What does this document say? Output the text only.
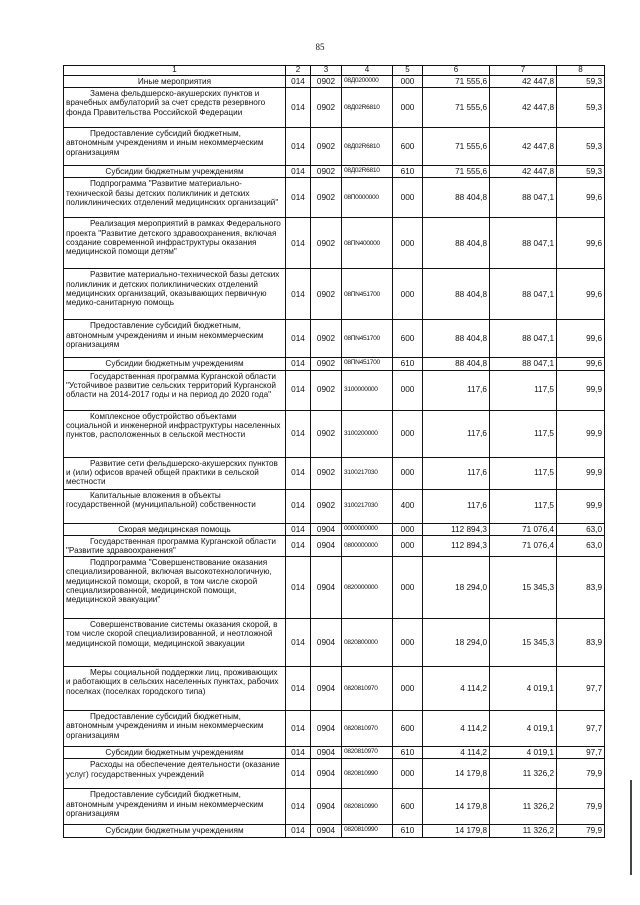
85
1	2	3	4	5	6	7	8

Иные мероприятия	014	0902	08Д0200000	000	71 555,6	42 447,8	59,3

Замена фельдшерско-акушерских пунктов и врачебных амбулаторий за счет средств резервного фонда Правительства Российской Федерации	014	0902	08Д02R6810	000	71 555,6	42 447,8	59,3

Предоставление субсидий бюджетным, автономным учреждениям и иным некоммерческим организациям	014	0902	08Д02R6810	600	71 555,6	42 447,8	59,3

Субсидии бюджетным учреждениям	014	0902	08Д02R6810	610	71 555,6	42 447,8	59,3

Подпрограмма "Развитие материально-технической базы детских поликлиник и детских поликлинических отделений медицинских организаций"	014	0902	08П0000000	000	88 404,8	88 047,1	99,6

Реализация мероприятий в рамках Федерального проекта "Развитие детского здравоохранения, включая создание современной инфраструктуры оказания медицинской помощи детям"	014	0902	08ПN400000	000	88 404,8	88 047,1	99,6

Развитие материально-технической базы детских поликлиник и детских поликлинических отделений медицинских организаций, оказывающих первичную медико-санитарную помощь	014	0902	08ПN451700	000	88 404,8	88 047,1	99,6

Предоставление субсидий бюджетным, автономным учреждениям и иным некоммерческим организациям	014	0902	08ПN451700	600	88 404,8	88 047,1	99,6

Субсидии бюджетным учреждениям	014	0902	08ПN451700	610	88 404,8	88 047,1	99,6

Государственная программа Курганской области "Устойчивое развитие сельских территорий Курганской области на 2014-2017 годы и на период до 2020 года"	014	0902	3100000000	000	117,6	117,5	99,9

Комплексное обустройство объектами социальной и инженерной инфраструктуры населенных пунктов, расположенных в сельской местности	014	0902	3100200000	000	117,6	117,5	99,9

Развитие сети фельдшерско-акушерских пунктов и (или) офисов врачей общей практики в сельской местности	014	0902	3100217030	000	117,6	117,5	99,9

Капитальные вложения в объекты государственной (муниципальной) собственности	014	0902	3100217030	400	117,6	117,5	99,9

Скорая медицинская помощь	014	0904	0000000000	000	112 894,3	71 076,4	63,0

Государственная программа Курганской области "Развитие здравоохранения"	014	0904	0800000000	000	112 894,3	71 076,4	63,0

Подпрограмма "Совершенствование оказания специализированной, включая высокотехнологичную, медицинской помощи, скорой, в том числе скорой специализированной, медицинской помощи, медицинской эвакуации"	014	0904	0820000000	000	18 294,0	15 345,3	83,9

Совершенствование системы оказания скорой, в том числе скорой специализированной, и неотложной медицинской помощи, медицинской эвакуации	014	0904	0820800000	000	18 294,0	15 345,3	83,9

Меры социальной поддержки лиц, проживающих и работающих в сельских населенных пунктах, рабочих поселках (поселках городского типа)	014	0904	0820810970	000	4 114,2	4 019,1	97,7

Предоставление субсидий бюджетным, автономным учреждениям и иным некоммерческим организациям	014	0904	0820810970	600	4 114,2	4 019,1	97,7

Субсидии бюджетным учреждениям	014	0904	0820810970	610	4 114,2	4 019,1	97,7

Расходы на обеспечение деятельности (оказание услуг) государственных учреждений	014	0904	0820810990	000	14 179,8	11 326,2	79,9

Предоставление субсидий бюджетным, автономным учреждениям и иным некоммерческим организациям	014	0904	0820810990	600	14 179,8	11 326,2	79,9

Субсидии бюджетным учреждениям	014	0904	0820810990	610	14 179,8	11 326,2	79,9
